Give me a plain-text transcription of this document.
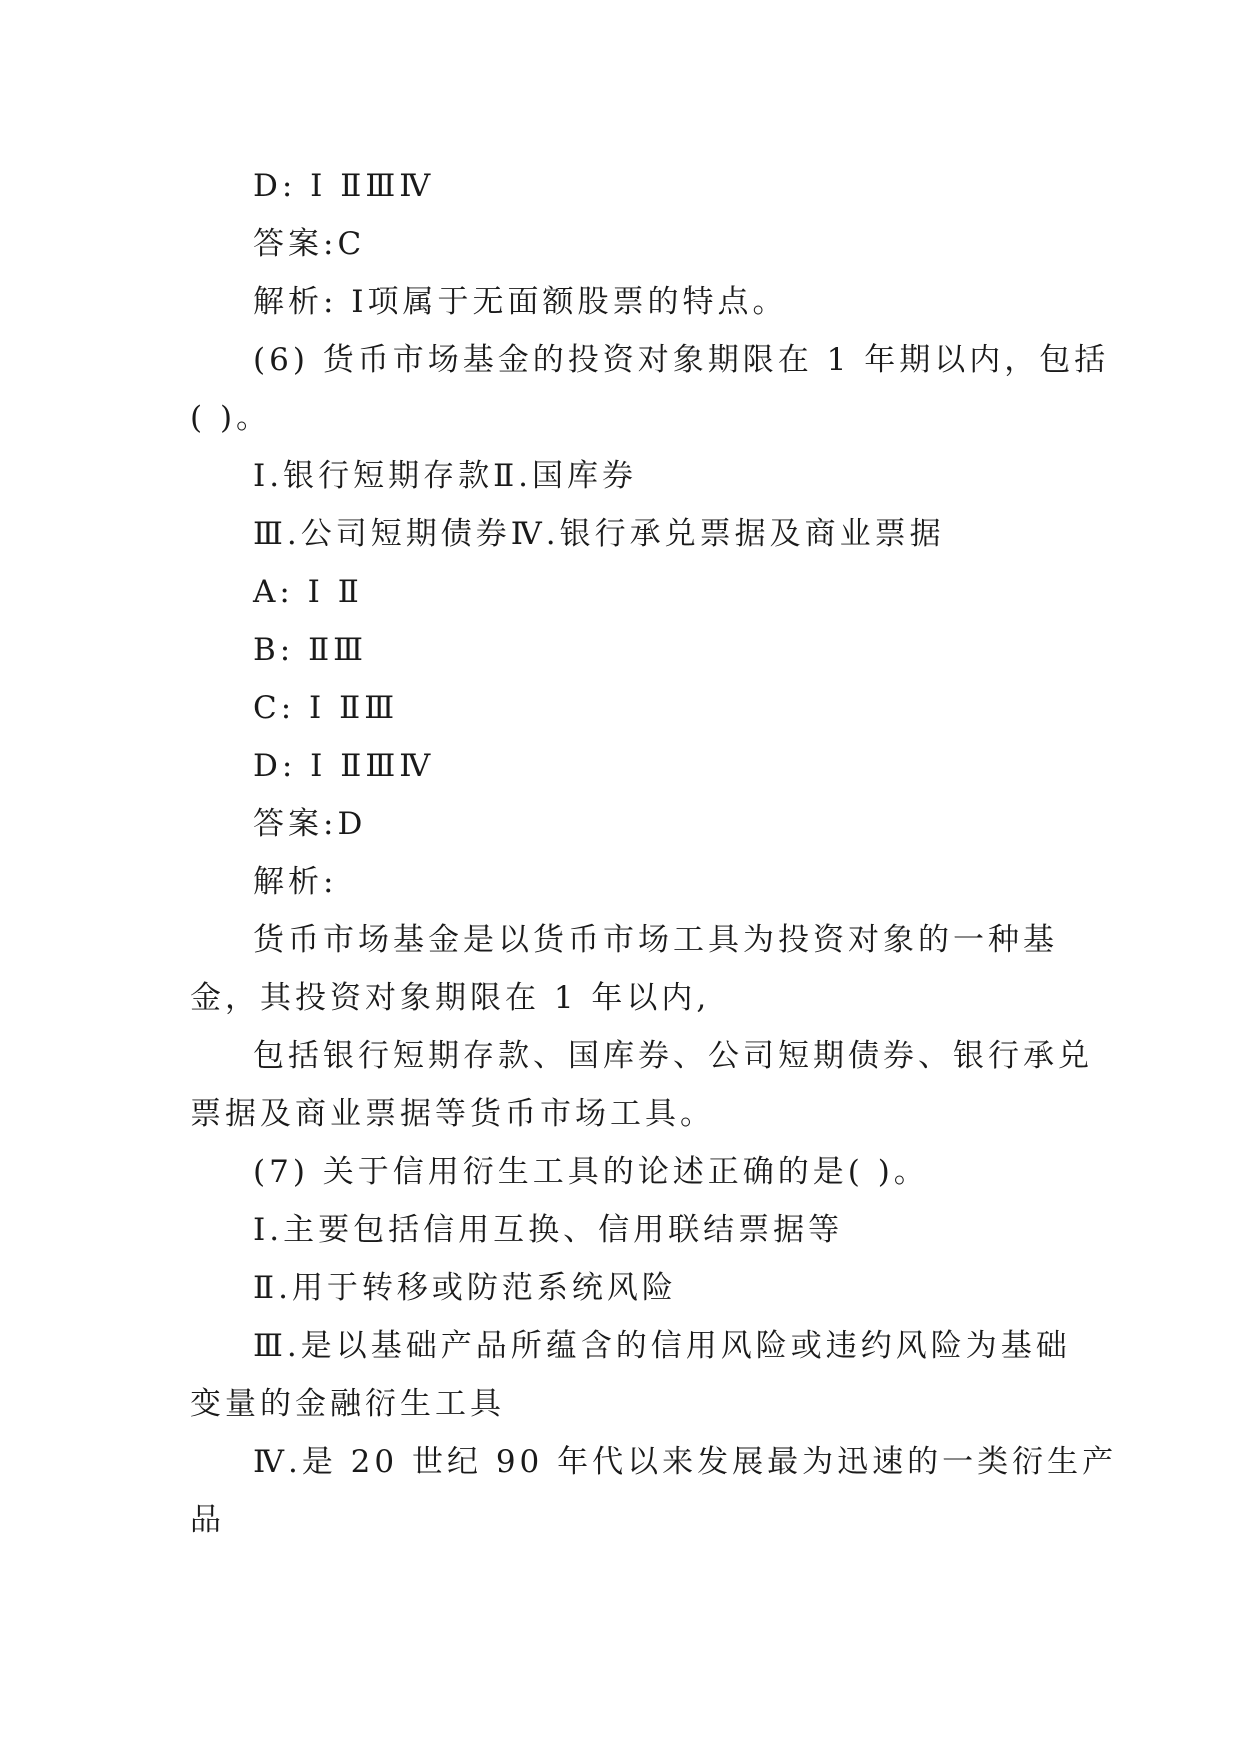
D: Ⅰ ⅡⅢⅣ

答案:C

解析: Ⅰ项属于无面额股票的特点。

(6) 货币市场基金的投资对象期限在 1 年期以内，包括

( )。

Ⅰ.银行短期存款Ⅱ.国库券

Ⅲ.公司短期债券Ⅳ.银行承兑票据及商业票据

A: Ⅰ Ⅱ

B: ⅡⅢ

C: Ⅰ ⅡⅢ

D: Ⅰ ⅡⅢⅣ

答案:D

解析:

货币市场基金是以货币市场工具为投资对象的一种基

金，其投资对象期限在 1 年以内,

包括银行短期存款、国库券、公司短期债券、银行承兑

票据及商业票据等货币市场工具。

(7) 关于信用衍生工具的论述正确的是( )。

Ⅰ.主要包括信用互换、信用联结票据等

Ⅱ.用于转移或防范系统风险

Ⅲ.是以基础产品所蕴含的信用风险或违约风险为基础

变量的金融衍生工具

Ⅳ.是 20 世纪 90 年代以来发展最为迅速的一类衍生产

品
